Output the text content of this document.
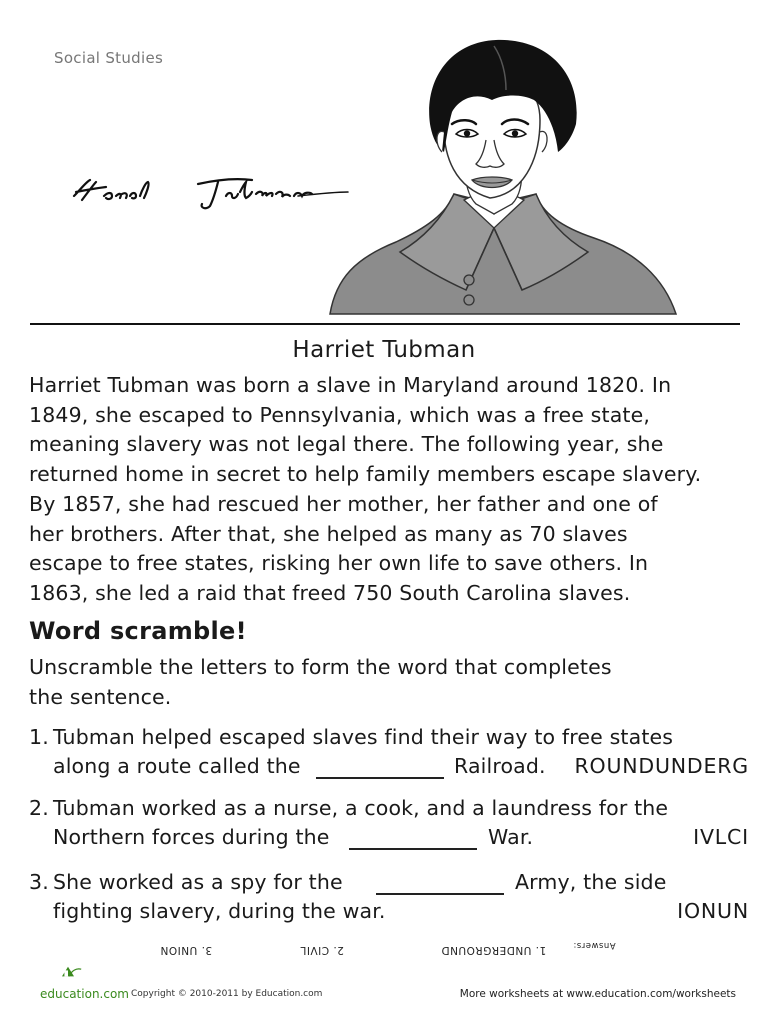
Social Studies
Harriet Tubman

Harriet Tubman was born a slave in Maryland around 1820. In
1849, she escaped to Pennsylvania, which was a free state,
meaning slavery was not legal there. The following year, she
returned home in secret to help family members escape slavery.
By 1857, she had rescued her mother, her father and one of
her brothers. After that, she helped as many as 70 slaves
escape to free states, risking her own life to save others. In
1863, she led a raid that freed 750 South Carolina slaves.

Word scramble!

Unscramble the letters to form the word that completes
the sentence.

1. Tubman helped escaped slaves find their way to free states
along a route called the	Railroad. ROUNDUNDERG
2. Tubman worked as a nurse, a cook, and a laundress for the
Northern forces during the	War.	IVLCI
3. She worked as a spy for the	Army, the side
fighting slavery, during the war.	IONUN
3. UNION	2. CIVIL	1. UNDERGROUND	Answers:
education.com Copyright © 2010-2011 by Education.com	More worksheets at www.education.com/worksheets
